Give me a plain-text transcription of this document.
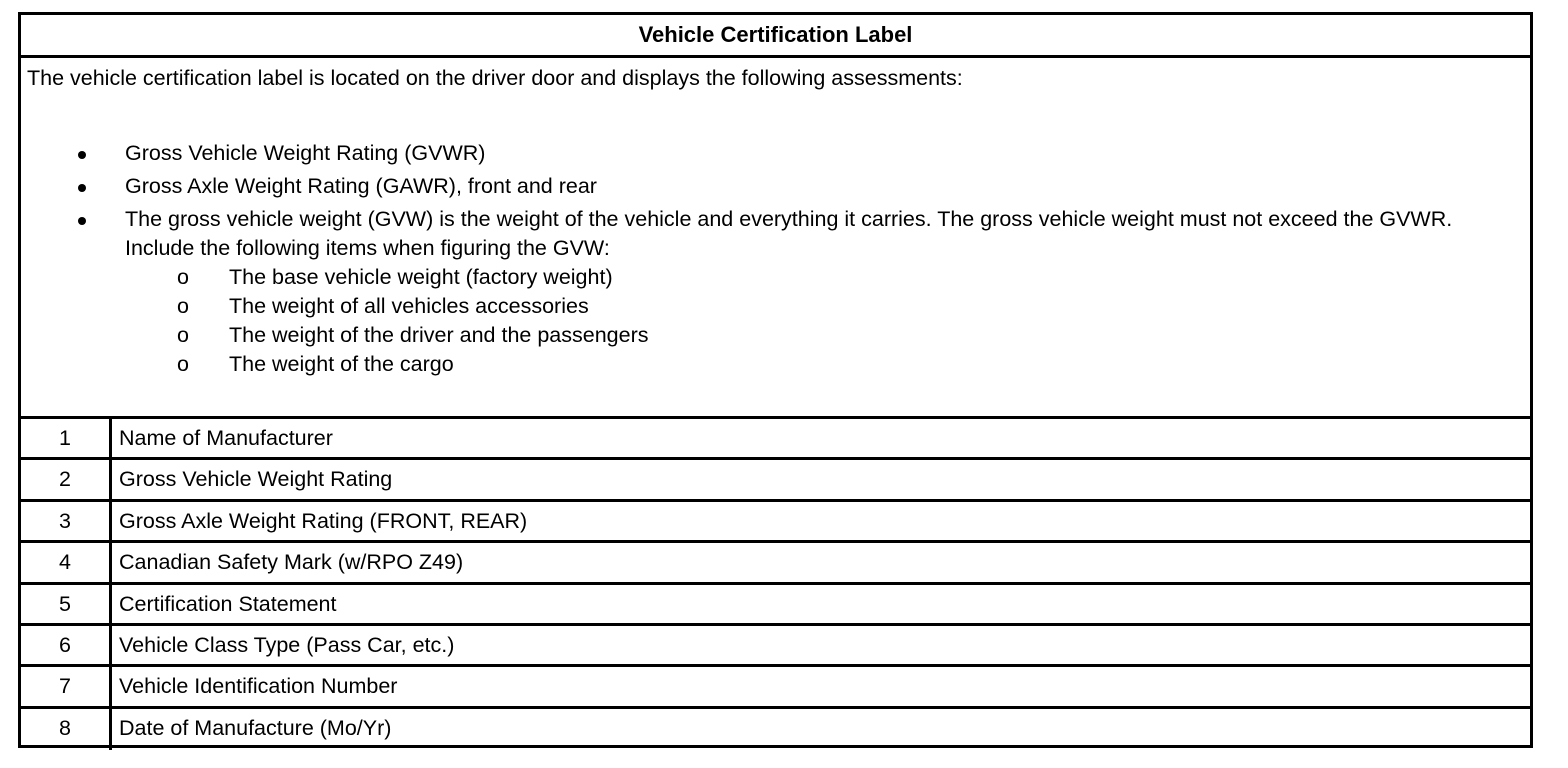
Vehicle Certification Label

The vehicle certification label is located on the driver door and displays the following assessments:

Gross Vehicle Weight Rating (GVWR)
Gross Axle Weight Rating (GAWR), front and rear
The gross vehicle weight (GVW) is the weight of the vehicle and everything it carries. The gross vehicle weight must not exceed the GVWR. Include the following items when figuring the GVW:
o The base vehicle weight (factory weight)
o The weight of all vehicles accessories
o The weight of the driver and the passengers
o The weight of the cargo
1	Name of Manufacturer
2	Gross Vehicle Weight Rating
3	Gross Axle Weight Rating (FRONT, REAR)
4	Canadian Safety Mark (w/RPO Z49)
5	Certification Statement
6	Vehicle Class Type (Pass Car, etc.)
7	Vehicle Identification Number
8	Date of Manufacture (Mo/Yr)
